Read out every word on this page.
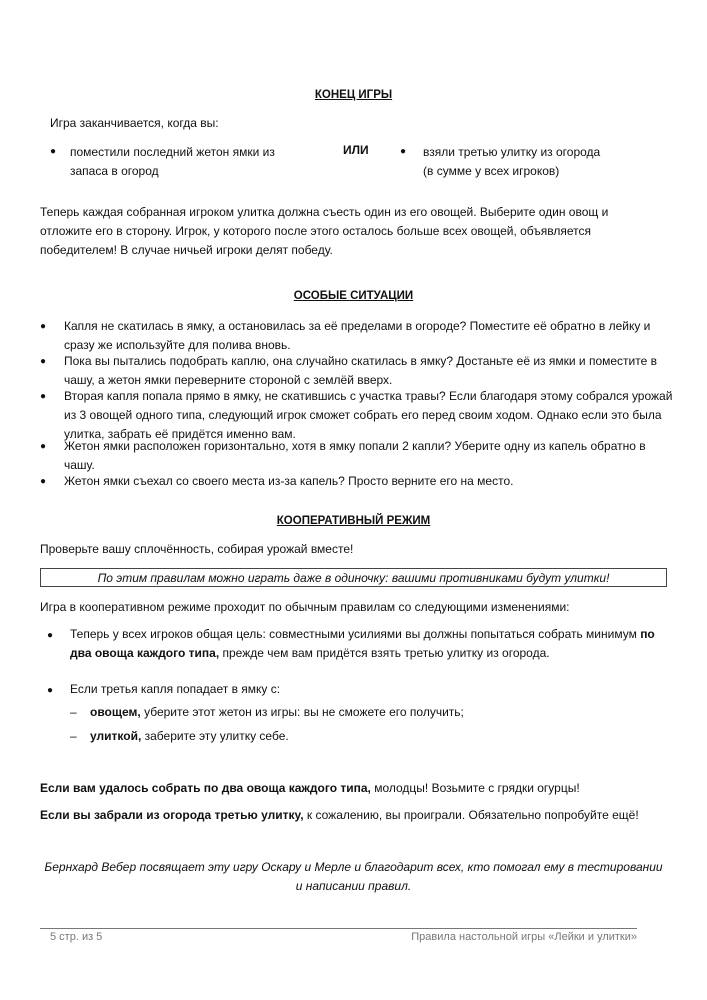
КОНЕЦ ИГРЫ
Игра заканчивается, когда вы:
● поместили последний жетон ямки из
запаса в огород
ИЛИ	● взяли третью улитку из огорода
(в сумме у всех игроков)
Теперь каждая собранная игроком улитка должна съесть один из его овощей. Выберите один овощ и
отложите его в сторону. Игрок, у которого после этого осталось больше всех овощей, объявляется
победителем! В случае ничьей игроки делят победу.
ОСОБЫЕ СИТУАЦИИ
● Капля не скатилась в ямку, а остановилась за её пределами в огороде? Поместите её обратно в лейку и
сразу же используйте для полива вновь.
● Пока вы пытались подобрать каплю, она случайно скатилась в ямку? Достаньте её из ямки и поместите в
чашу, а жетон ямки переверните стороной с землёй вверх.
● Вторая капля попала прямо в ямку, не скатившись с участка травы? Если благодаря этому собрался урожай
из 3 овощей одного типа, следующий игрок сможет собрать его перед своим ходом. Однако если это была
улитка, забрать её придётся именно вам.
● Жетон ямки расположен горизонтально, хотя в ямку попали 2 капли? Уберите одну из капель обратно в
чашу.
● Жетон ямки съехал со своего места из-за капель? Просто верните его на место.
КООПЕРАТИВНЫЙ РЕЖИМ
Проверьте вашу сплочённость, собирая урожай вместе!
По этим правилам можно играть даже в одиночку: вашими противниками будут улитки!
Игра в кооперативном режиме проходит по обычным правилам со следующими изменениями:
● Теперь у всех игроков общая цель: совместными усилиями вы должны попытаться собрать минимум по
два овоща каждого типа, прежде чем вам придётся взять третью улитку из огорода.
● Если третья капля попадает в ямку с:
– овощем, уберите этот жетон из игры: вы не сможете его получить;
– улиткой, заберите эту улитку себе.
Если вам удалось собрать по два овоща каждого типа, молодцы! Возьмите с грядки огурцы!
Если вы забрали из огорода третью улитку, к сожалению, вы проиграли. Обязательно попробуйте ещё!
Бернхард Вебер посвящает эту игру Оскару и Мерле и благодарит всех, кто помогал ему в тестировании
и написании правил.
5 стр. из 5	Правила настольной игры «Лейки и улитки»
